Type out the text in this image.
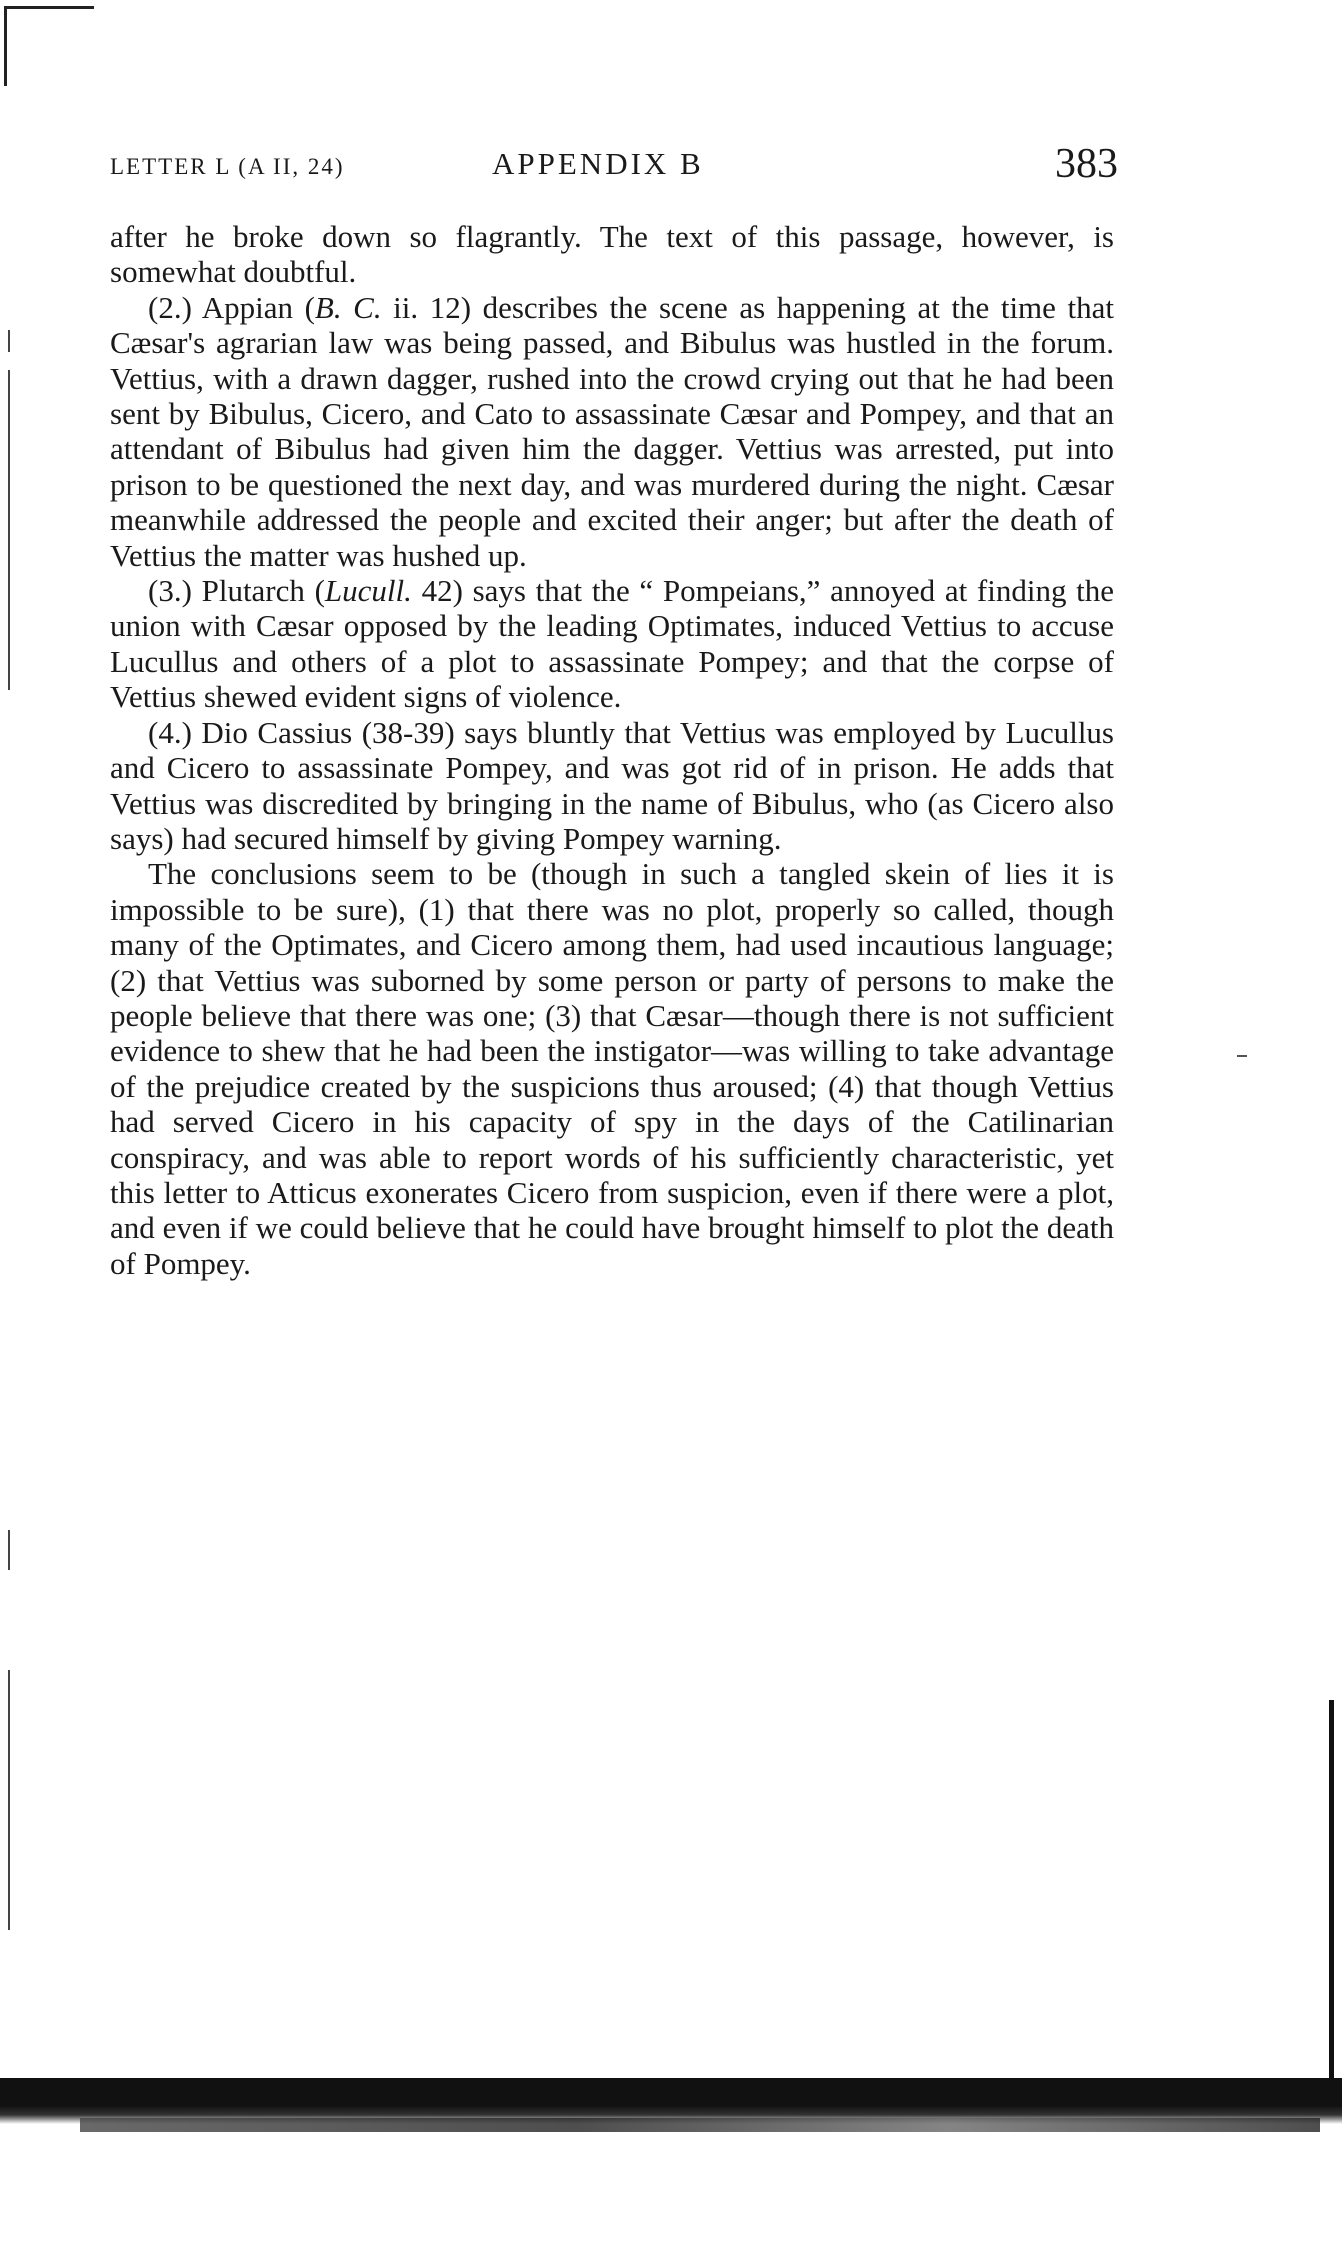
LETTER L (A II, 24)	APPENDIX B	383

after he broke down so flagrantly. The text of this passage, however, is somewhat doubtful.

(2.) Appian (B. C. ii. 12) describes the scene as happening at the time that Cæsar's agrarian law was being passed, and Bibulus was hustled in the forum. Vettius, with a drawn dagger, rushed into the crowd crying out that he had been sent by Bibulus, Cicero, and Cato to assassinate Cæsar and Pompey, and that an attendant of Bibulus had given him the dagger. Vettius was arrested, put into prison to be questioned the next day, and was murdered during the night. Cæsar meanwhile addressed the people and excited their anger; but after the death of Vettius the matter was hushed up.

(3.) Plutarch (Lucull. 42) says that the “ Pompeians,” annoyed at finding the union with Cæsar opposed by the leading Optimates, induced Vettius to accuse Lucullus and others of a plot to assassinate Pompey; and that the corpse of Vettius shewed evident signs of violence.

(4.) Dio Cassius (38-39) says bluntly that Vettius was employed by Lucullus and Cicero to assassinate Pompey, and was got rid of in prison. He adds that Vettius was discredited by bringing in the name of Bibulus, who (as Cicero also says) had secured himself by giving Pompey warning.

The conclusions seem to be (though in such a tangled skein of lies it is impossible to be sure), (1) that there was no plot, properly so called, though many of the Optimates, and Cicero among them, had used incautious language; (2) that Vettius was suborned by some person or party of persons to make the people believe that there was one; (3) that Cæsar—though there is not sufficient evidence to shew that he had been the instigator—was willing to take advantage of the prejudice created by the suspicions thus aroused; (4) that though Vettius had served Cicero in his capacity of spy in the days of the Catilinarian conspiracy, and was able to report words of his sufficiently characteristic, yet this letter to Atticus exonerates Cicero from suspicion, even if there were a plot, and even if we could believe that he could have brought himself to plot the death of Pompey.
